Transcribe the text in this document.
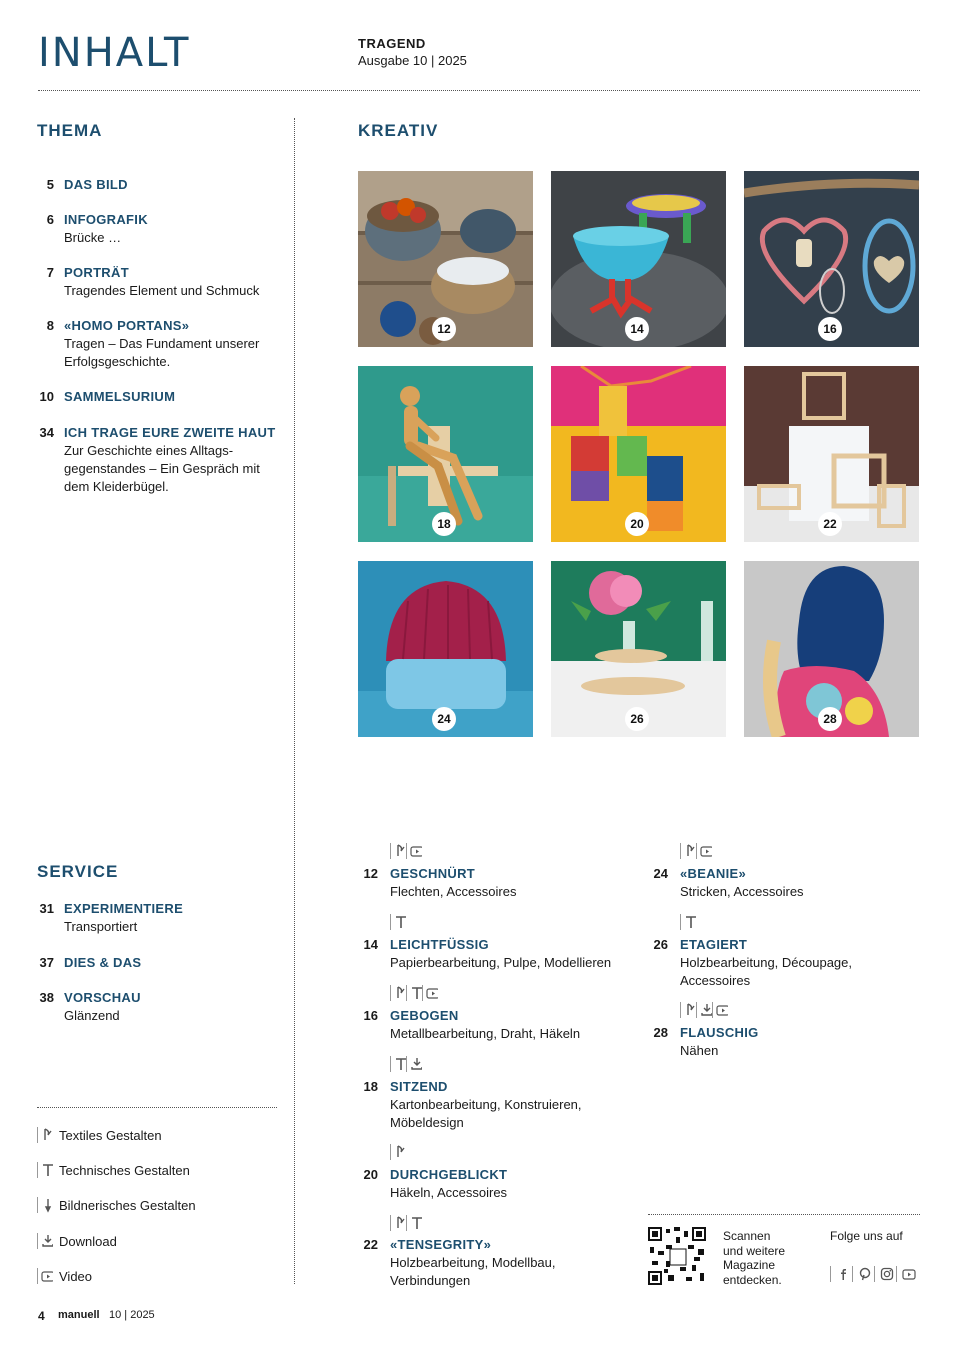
INHALT	TRAGEND
Ausgabe 10 | 2025
THEMA
5 DAS BILD
6 INFOGRAFIK
Brücke …
7 PORTRÄT
Tragendes Element und Schmuck
8 «HOMO PORTANS»
Tragen – Das Fundament unserer
Erfolgsgeschichte.
10 SAMMELSURIUM
34 ICH TRAGE EURE ZWEITE HAUT
Zur Geschichte eines Alltags-
gegenstandes – Ein Gespräch mit
dem Kleiderbügel.
KREATIV
12	14	16
18	20	22
24	26	28
12 GESCHNÜRT
Flechten, Accessoires
14 LEICHTFÜSSIG
Papierbearbeitung, Pulpe, Modellieren
16 GEBOGEN
Metallbearbeitung, Draht, Häkeln
18 SITZEND
Kartonbearbeitung, Konstruieren,
Möbeldesign
20 DURCHGEBLICKT
Häkeln, Accessoires
22 «TENSEGRITY»
Holzbearbeitung, Modellbau,
Verbindungen
24 «BEANIE»
Stricken, Accessoires
26 ETAGIERT
Holzbearbeitung, Découpage,
Accessoires
28 FLAUSCHIG
Nähen
SERVICE
31 EXPERIMENTIERE
Transportiert
37 DIES & DAS
38 VORSCHAU
Glänzend
Textiles Gestalten
Technisches Gestalten
Bildnerisches Gestalten
Download
Video
Scannen
und weitere
Magazine
entdecken.
Folge uns auf
4 manuell 10 | 2025
